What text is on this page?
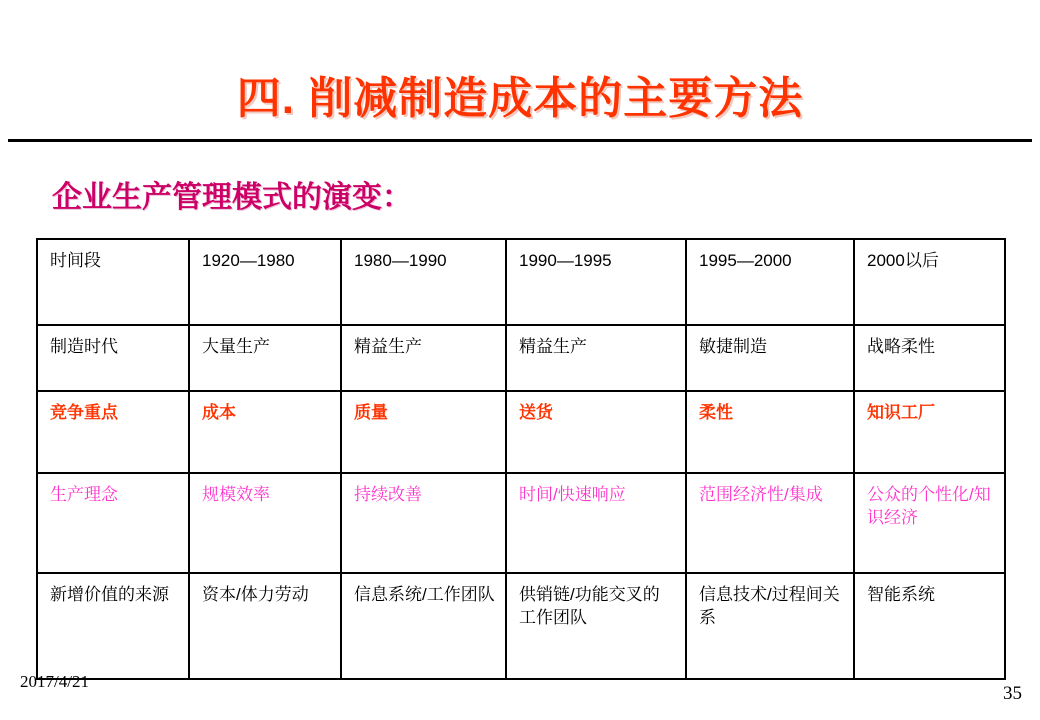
四. 削减制造成本的主要方法
企业生产管理模式的演变：
时间段	1920—1980	1980—1990	1990—1995	1995—2000	2000以后
制造时代	大量生产	精益生产	精益生产	敏捷制造	战略柔性
竞争重点	成本	质量	送货	柔性	知识工厂
生产理念	规模效率	持续改善	时间/快速响应	范围经济性/集成	公众的个性化/知识经济
新增价值的来源	资本/体力劳动	信息系统/工作团队	供销链/功能交叉的工作团队	信息技术/过程间关系	智能系统
2017/4/21
35
